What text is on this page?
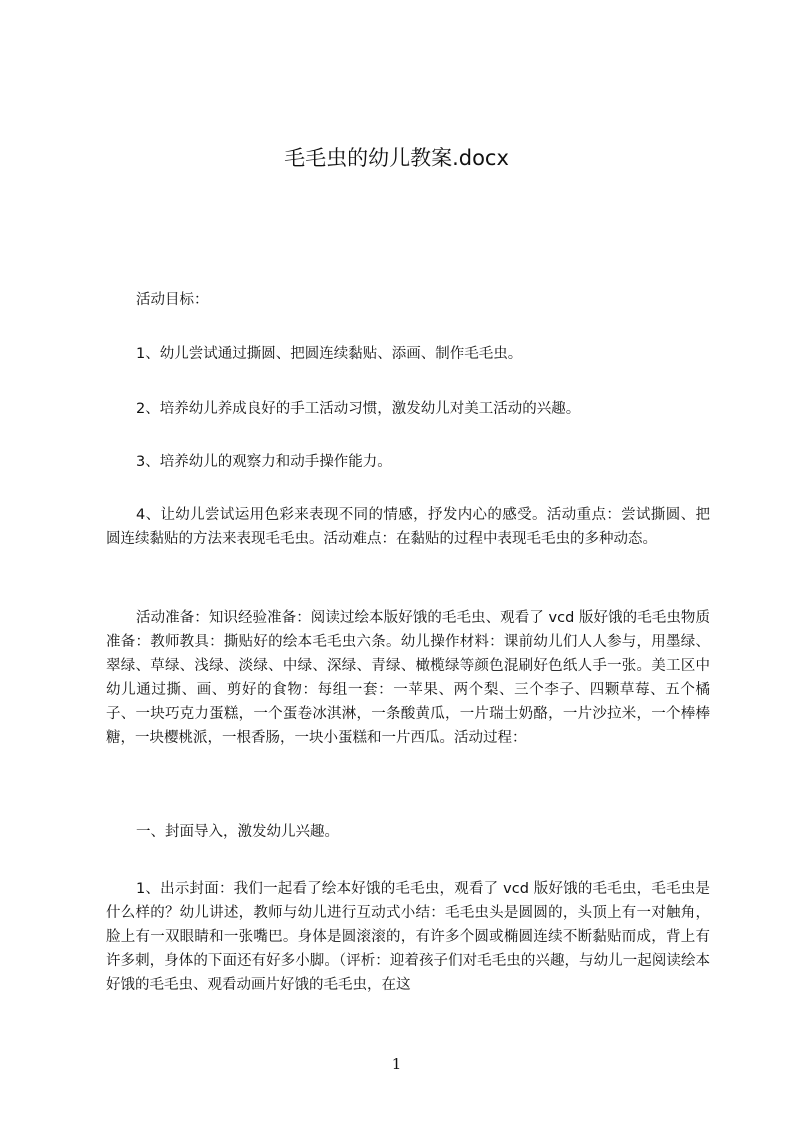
毛毛虫的幼儿教案.docx

活动目标：

1、幼儿尝试通过撕圆、把圆连续黏贴、添画、制作毛毛虫。

2、培养幼儿养成良好的手工活动习惯，激发幼儿对美工活动的兴趣。

3、培养幼儿的观察力和动手操作能力。

4、让幼儿尝试运用色彩来表现不同的情感，抒发内心的感受。活动重点：尝试撕圆、把圆连续黏贴的方法来表现毛毛虫。活动难点：在黏贴的过程中表现毛毛虫的多种动态。

活动准备：知识经验准备：阅读过绘本版好饿的毛毛虫、观看了 vcd 版好饿的毛毛虫物质准备：教师教具：撕贴好的绘本毛毛虫六条。幼儿操作材料：课前幼儿们人人参与，用墨绿、翠绿、草绿、浅绿、淡绿、中绿、深绿、青绿、橄榄绿等颜色混刷好色纸人手一张。美工区中幼儿通过撕、画、剪好的食物：每组一套：一苹果、两个梨、三个李子、四颗草莓、五个橘子、一块巧克力蛋糕，一个蛋卷冰淇淋，一条酸黄瓜，一片瑞士奶酪，一片沙拉米，一个棒棒糖，一块樱桃派，一根香肠，一块小蛋糕和一片西瓜。活动过程：

一、封面导入，激发幼儿兴趣。

1、出示封面：我们一起看了绘本好饿的毛毛虫，观看了 vcd 版好饿的毛毛虫，毛毛虫是什么样的？幼儿讲述，教师与幼儿进行互动式小结：毛毛虫头是圆圆的，头顶上有一对触角，脸上有一双眼睛和一张嘴巴。身体是圆滚滚的，有许多个圆或椭圆连续不断黏贴而成，背上有许多刺，身体的下面还有好多小脚。（评析：迎着孩子们对毛毛虫的兴趣，与幼儿一起阅读绘本好饿的毛毛虫、观看动画片好饿的毛毛虫，在这

1
